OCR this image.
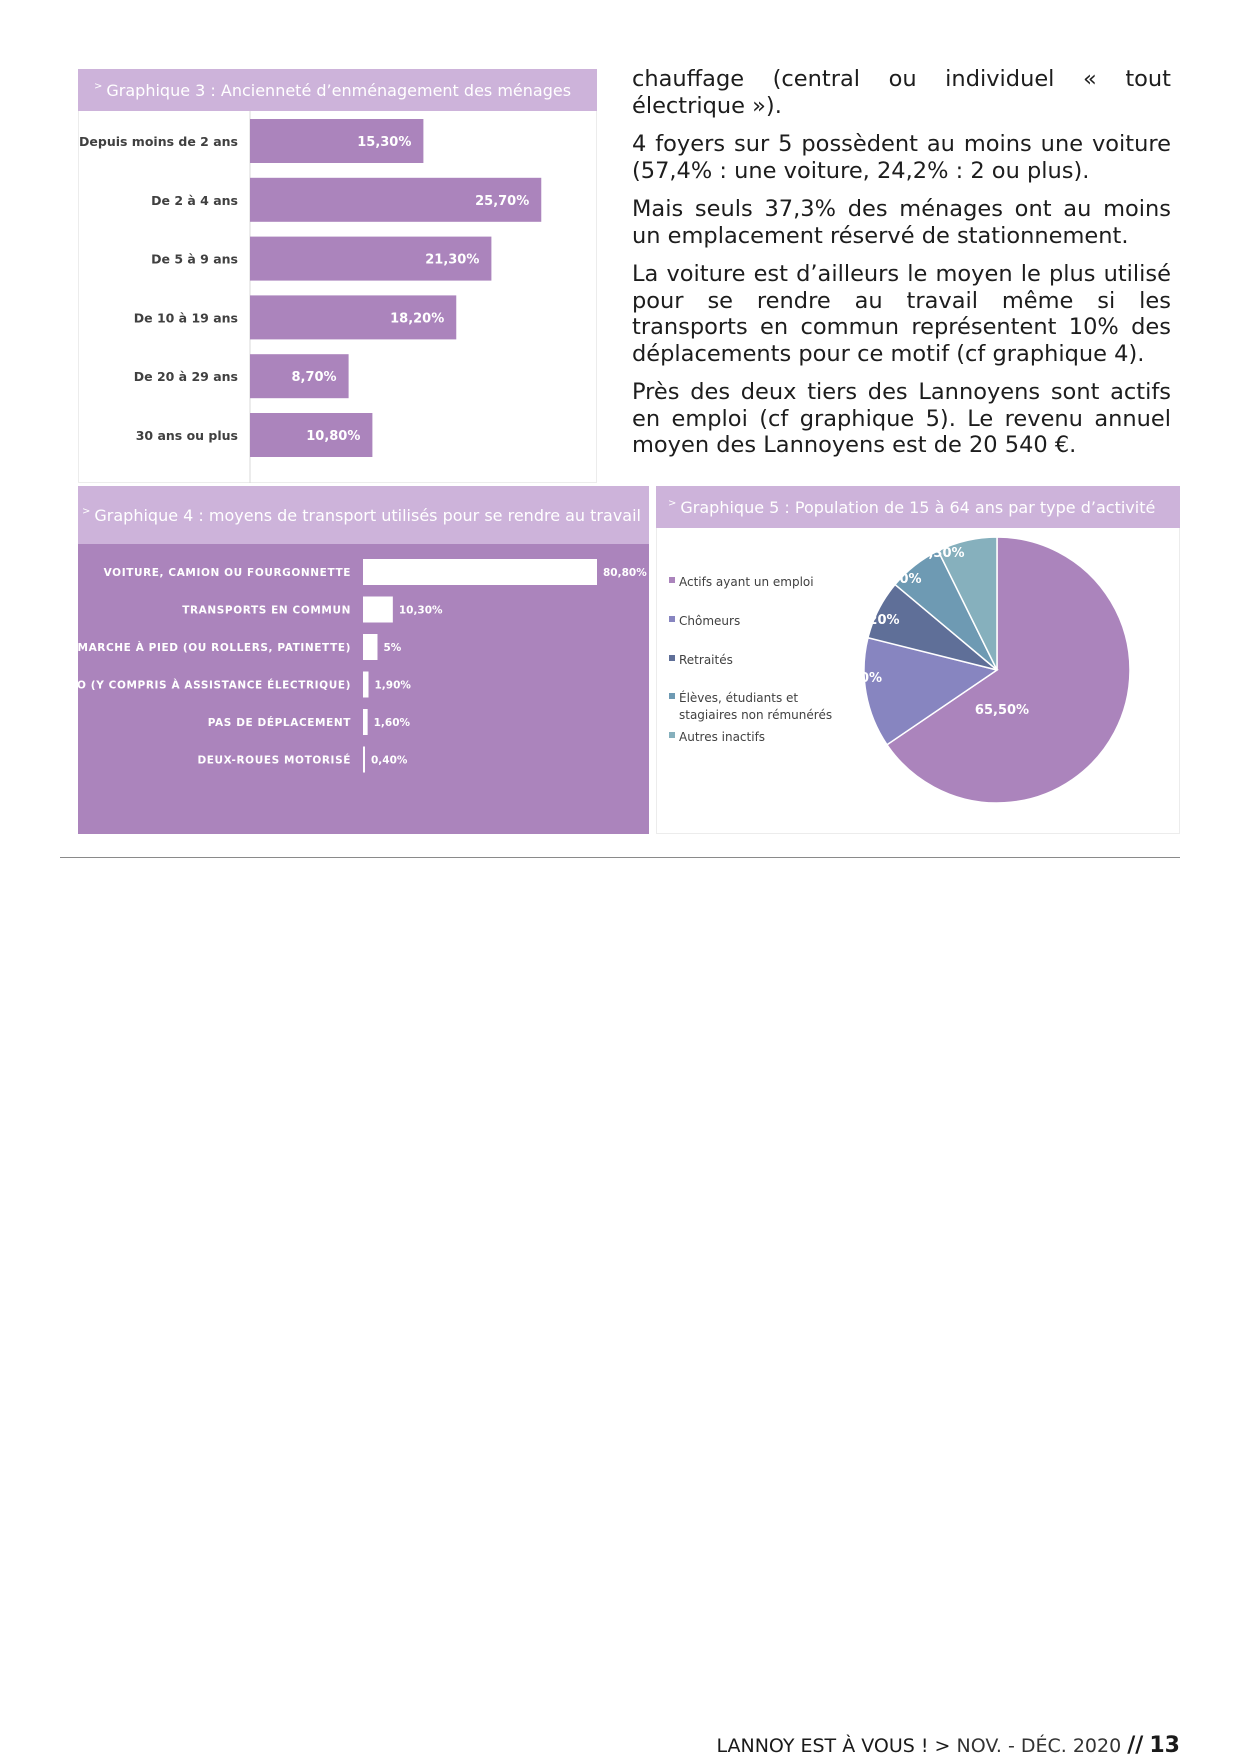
> Graphique 3 : Ancienneté d’enménagement des ménages
15,30%
Depuis moins de 2 ans
25,70%
De 2 à 4 ans
21,30%
De 5 à 9 ans
18,20%
De 10 à 19 ans
8,70%
De 20 à 29 ans
10,80%
30 ans ou plus

chauffage (central ou individuel « tout électrique »).

4 foyers sur 5 possèdent au moins une voiture (57,4% : une voiture, 24,2% : 2 ou plus).

Mais seuls 37,3% des ménages ont au moins un emplacement réservé de stationnement.

La voiture est d’ailleurs le moyen le plus utilisé pour se rendre au travail même si les transports en commun représentent 10% des déplacements pour ce motif (cf graphique 4).

Près des deux tiers des Lannoyens sont actifs en emploi (cf graphique 5). Le revenu annuel moyen des Lannoyens est de 20 540 €.

> Graphique 4 : moyens de transport utilisés pour se rendre au travail
80,80%
VOITURE, CAMION OU FOURGONNETTE
10,30%
TRANSPORTS EN COMMUN
5%
MARCHE À PIED (OU ROLLERS, PATINETTE)
1,90%
VÉLO (Y COMPRIS À ASSISTANCE ÉLECTRIQUE)
1,60%
PAS DE DÉPLACEMENT
0,40%
DEUX-ROUES MOTORISÉ
> Graphique 5 : Population de 15 à 64 ans par type d’activité
65,50%
13,40%
7,20%
6,60%
7,30%
Actifs ayant un emploi
Chômeurs
Retraités
Élèves, étudiants et
stagiaires non rémunérés
Autres inactifs
LANNOY EST À VOUS ! > NOV. - DÉC. 2020 // 13
